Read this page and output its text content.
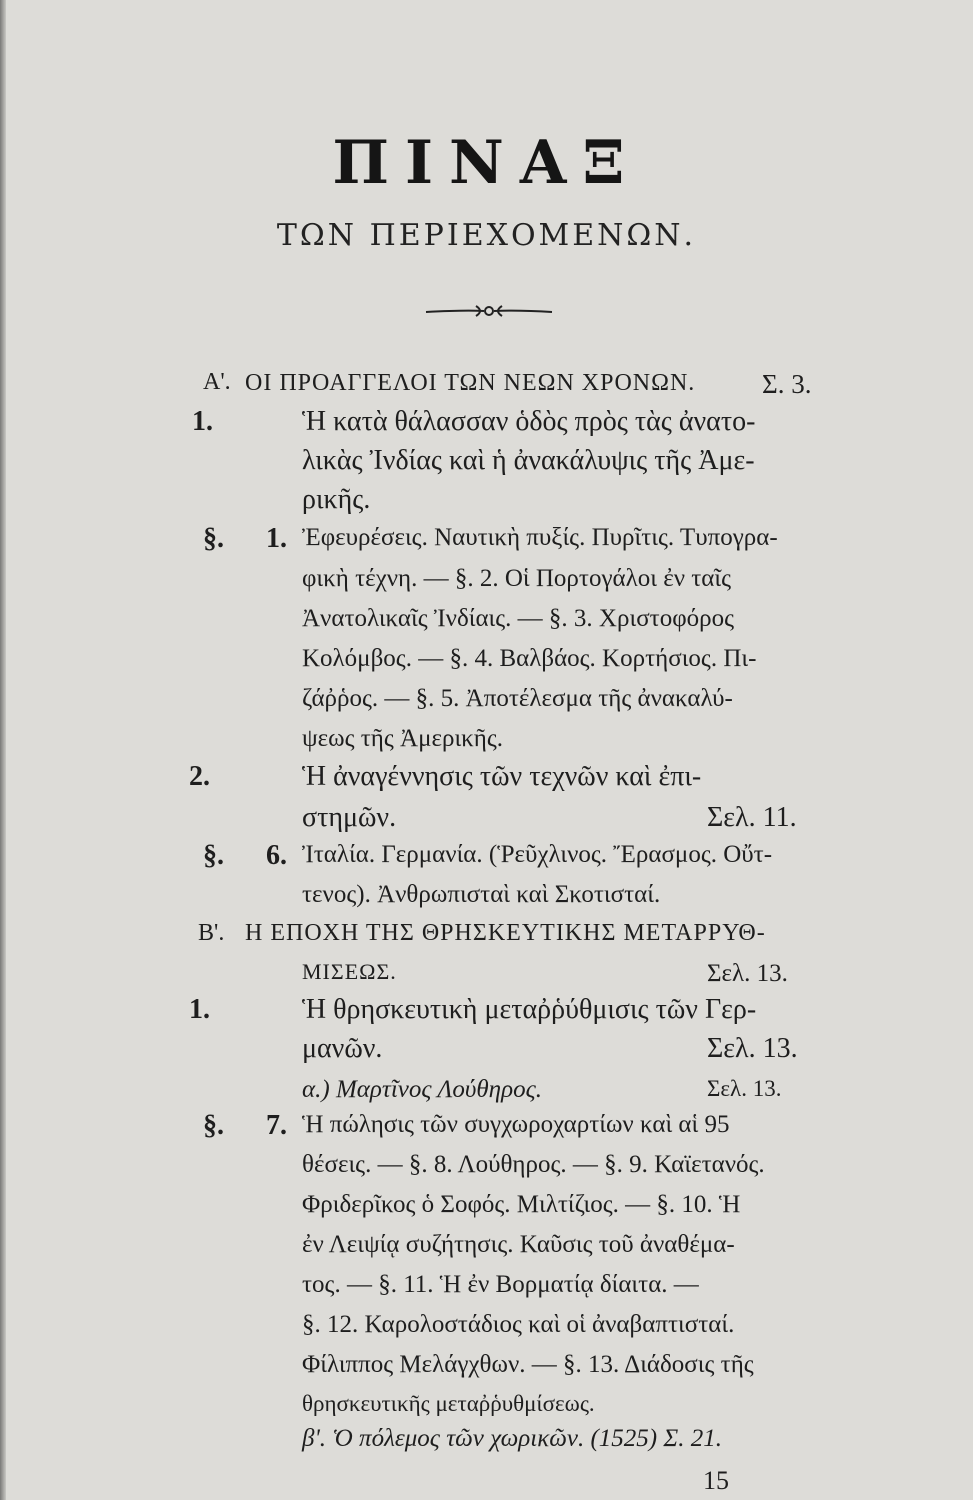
ΠΙΝΑΞ
ΤΩΝ ΠΕΡΙΕΧΟΜΕΝΩΝ.
Α'. ΟΙ ΠΡΟΑΓΓΕΛΟΙ ΤΩΝ ΝΕΩΝ ΧΡΟΝΩΝ. Σ. 3.
1.	Ἡ κατὰ θάλασσαν ὁδὸς πρὸς τὰς ἀνατο-
λικὰς Ἰνδίας καὶ ἡ ἀνακάλυψις τῆς Ἀμε-
ρικῆς.
§. 1. Ἐφευρέσεις. Ναυτικὴ πυξίς. Πυρῖτις. Τυπογρα-
φικὴ τέχνη. — §. 2. Οἱ Πορτογάλοι ἐν ταῖς
Ἀνατολικαῖς Ἰνδίαις. — §. 3. Χριστοφόρος
Κολόμβος. — §. 4. Βαλβάος. Κορτήσιος. Πι-
ζάῤῥος. — §. 5. Ἀποτέλεσμα τῆς ἀνακαλύ-
ψεως τῆς Ἀμερικῆς.
2.	Ἡ ἀναγέννησις τῶν τεχνῶν καὶ ἐπι-
στημῶν.	Σελ. 11.
§. 6. Ἰταλία. Γερμανία. (Ῥεῦχλινος. Ἔρασμος. Οὔτ-
τενος). Ἀνθρωπισταὶ καὶ Σκοτισταί.
Β'. Η ΕΠΟΧΗ ΤΗΣ ΘΡΗΣΚΕΥΤΙΚΗΣ ΜΕΤΑΡΡΥΘ-
ΜΙΣΕΩΣ.	Σελ. 13.
1.	Ἡ θρησκευτικὴ μεταῤῥύθμισις τῶν Γερ-
μανῶν.	Σελ. 13.
α.) Μαρτῖνος Λούθηρος.	Σελ. 13.
§. 7. Ἡ πώλησις τῶν συγχωροχαρτίων καὶ αἱ 95
θέσεις. — §. 8. Λούθηρος. — §. 9. Καϊετανός.
Φριδερῖκος ὁ Σοφός. Μιλτίζιος. — §. 10. Ἡ
ἐν Λειψίᾳ συζήτησις. Καῦσις τοῦ ἀναθέμα-
τος. — §. 11. Ἡ ἐν Βορματίᾳ δίαιτα. —
§. 12. Καρολοστάδιος καὶ οἱ ἀναβαπτισταί.
Φίλιππος Μελάγχθων. — §. 13. Διάδοσις τῆς
θρησκευτικῆς μεταῤῥυθμίσεως.
β'. Ὁ πόλεμος τῶν χωρικῶν. (1525) Σ. 21.
15
